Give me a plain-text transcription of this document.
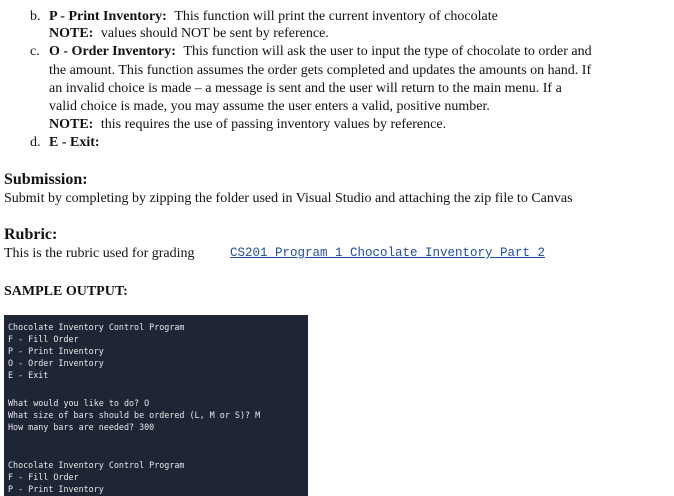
b. P - Print Inventory: This function will print the current inventory of chocolate
NOTE: values should NOT be sent by reference.
c. O - Order Inventory: This function will ask the user to input the type of chocolate to order and
the amount. This function assumes the order gets completed and updates the amounts on hand. If
an invalid choice is made – a message is sent and the user will return to the main menu. If a
valid choice is made, you may assume the user enters a valid, positive number.
NOTE: this requires the use of passing inventory values by reference.
d. E - Exit:
Submission:
Submit by completing by zipping the folder used in Visual Studio and attaching the zip file to Canvas
Rubric:
This is the rubric used for grading	CS201 Program 1 Chocolate Inventory Part 2
SAMPLE OUTPUT:
Chocolate Inventory Control Program
F - Fill Order
P - Print Inventory
O - Order Inventory
E - Exit
What would you like to do? O
What size of bars should be ordered (L, M or S)? M
How many bars are needed? 300
Chocolate Inventory Control Program
F - Fill Order
P - Print Inventory
